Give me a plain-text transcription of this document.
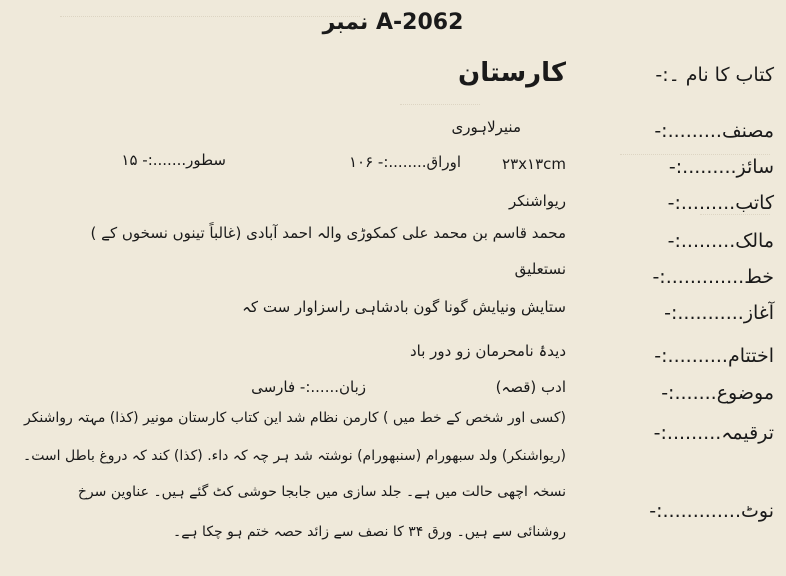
2062-A نمبر
کتاب کا نام ۔:-
کارستان
مصنف.........:-
منیرلاہوری
سائز.........:-
۲۳x۱۳cm
اوراق........:- ۱۰۶
سطور.......:- ۱۵
کاتب.........:-
ریواشنکر
مالک.........:-
محمد قاسم بن محمد علی کمکوڑی والہ احمد آبادی (غالباً تینوں نسخوں کے )
خط.............:-
نستعلیق
آغاز...........:-
ستایش ونیایش گونا گون بادشاہی راسزاوار ست کہ
اختتام..........:-
دیدۂ نامحرمان زو دور باد
موضوع.......:-
ادب (قصہ)
زبان......:- فارسی
ترقیمہ.........:-
(کسی اور شخص کے خط میں ) کارمن نظام شد این کتاب کارستان مونیر (کذا) مہتہ رواشنکر
(ریواشنکر) ولد سبھورام (سنبھورام) نوشتہ شد ہر چہ کہ داء. (کذا) کند کہ دروغ باطل است۔
نوٹ.............:-
نسخہ اچھی حالت میں ہے۔ جلد سازی میں جابجا حوشی کٹ گئے ہیں۔ عناوین سرخ
روشنائی سے ہیں۔ ورق ۳۴ کا نصف سے زائد حصہ ختم ہو چکا ہے۔
